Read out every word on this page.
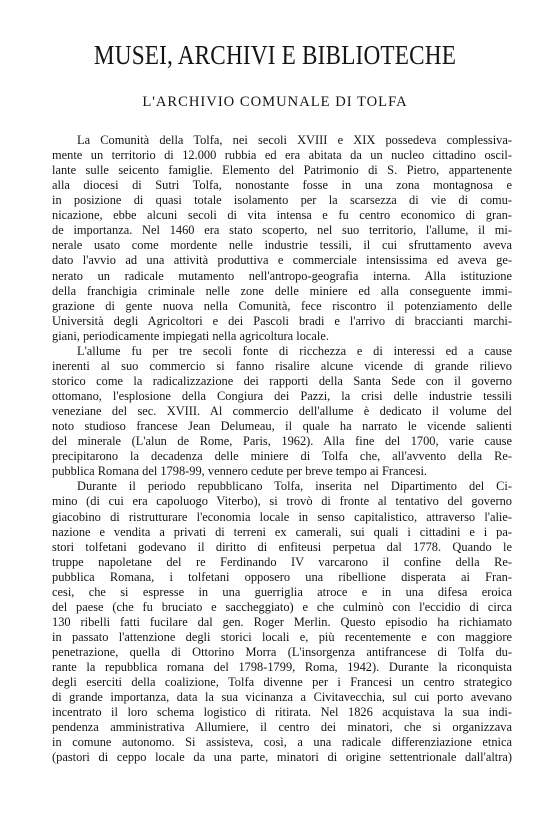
MUSEI, ARCHIVI E BIBLIOTECHE
L'ARCHIVIO COMUNALE DI TOLFA
La Comunità della Tolfa, nei secoli XVIII e XIX possedeva complessiva-
mente un territorio di 12.000 rubbia ed era abitata da un nucleo cittadino oscil-
lante sulle seicento famiglie. Elemento del Patrimonio di S. Pietro, appartenente
alla diocesi di Sutri Tolfa, nonostante fosse in una zona montagnosa e
in posizione di quasi totale isolamento per la scarsezza di vie di comu-
nicazione, ebbe alcuni secoli di vita intensa e fu centro economico di gran-
de importanza. Nel 1460 era stato scoperto, nel suo territorio, l'allume, il mi-
nerale usato come mordente nelle industrie tessili, il cui sfruttamento aveva
dato l'avvio ad una attività produttiva e commerciale intensissima ed aveva ge-
nerato un radicale mutamento nell'antropo-geografia interna. Alla istituzione
della franchigia criminale nelle zone delle miniere ed alla conseguente immi-
grazione di gente nuova nella Comunità, fece riscontro il potenziamento delle
Università degli Agricoltori e dei Pascoli bradi e l'arrivo di braccianti marchi-
giani, periodicamente impiegati nella agricoltura locale.
L'allume fu per tre secoli fonte di ricchezza e di interessi ed a cause
inerenti al suo commercio si fanno risalire alcune vicende di grande rilievo
storico come la radicalizzazione dei rapporti della Santa Sede con il governo
ottomano, l'esplosione della Congiura dei Pazzi, la crisi delle industrie tessili
veneziane del sec. XVIII. Al commercio dell'allume è dedicato il volume del
noto studioso francese Jean Delumeau, il quale ha narrato le vicende salienti
del minerale (L'alun de Rome, Paris, 1962). Alla fine del 1700, varie cause
precipitarono la decadenza delle miniere di Tolfa che, all'avvento della Re-
pubblica Romana del 1798-99, vennero cedute per breve tempo ai Francesi.
Durante il periodo repubblicano Tolfa, inserita nel Dipartimento del Ci-
mino (di cui era capoluogo Viterbo), si trovò di fronte al tentativo del governo
giacobino di ristrutturare l'economia locale in senso capitalistico, attraverso l'alie-
nazione e vendita a privati di terreni ex camerali, sui quali i cittadini e i pa-
stori tolfetani godevano il diritto di enfiteusi perpetua dal 1778. Quando le
truppe napoletane del re Ferdinando IV varcarono il confine della Re-
pubblica Romana, i tolfetani opposero una ribellione disperata ai Fran-
cesi, che si espresse in una guerriglia atroce e in una difesa eroica
del paese (che fu bruciato e saccheggiato) e che culminò con l'eccidio di circa
130 ribelli fatti fucilare dal gen. Roger Merlin. Questo episodio ha richiamato
in passato l'attenzione degli storici locali e, più recentemente e con maggiore
penetrazione, quella di Ottorino Morra (L'insorgenza antifrancese di Tolfa du-
rante la repubblica romana del 1798-1799, Roma, 1942). Durante la riconquista
degli eserciti della coalizione, Tolfa divenne per i Francesi un centro strategico
di grande importanza, data la sua vicinanza a Civitavecchia, sul cui porto avevano
incentrato il loro schema logistico di ritirata. Nel 1826 acquistava la sua indi-
pendenza amministrativa Allumiere, il centro dei minatori, che si organizzava
in comune autonomo. Si assisteva, così, a una radicale differenziazione etnica
(pastori di ceppo locale da una parte, minatori di origine settentrionale dall'altra)
